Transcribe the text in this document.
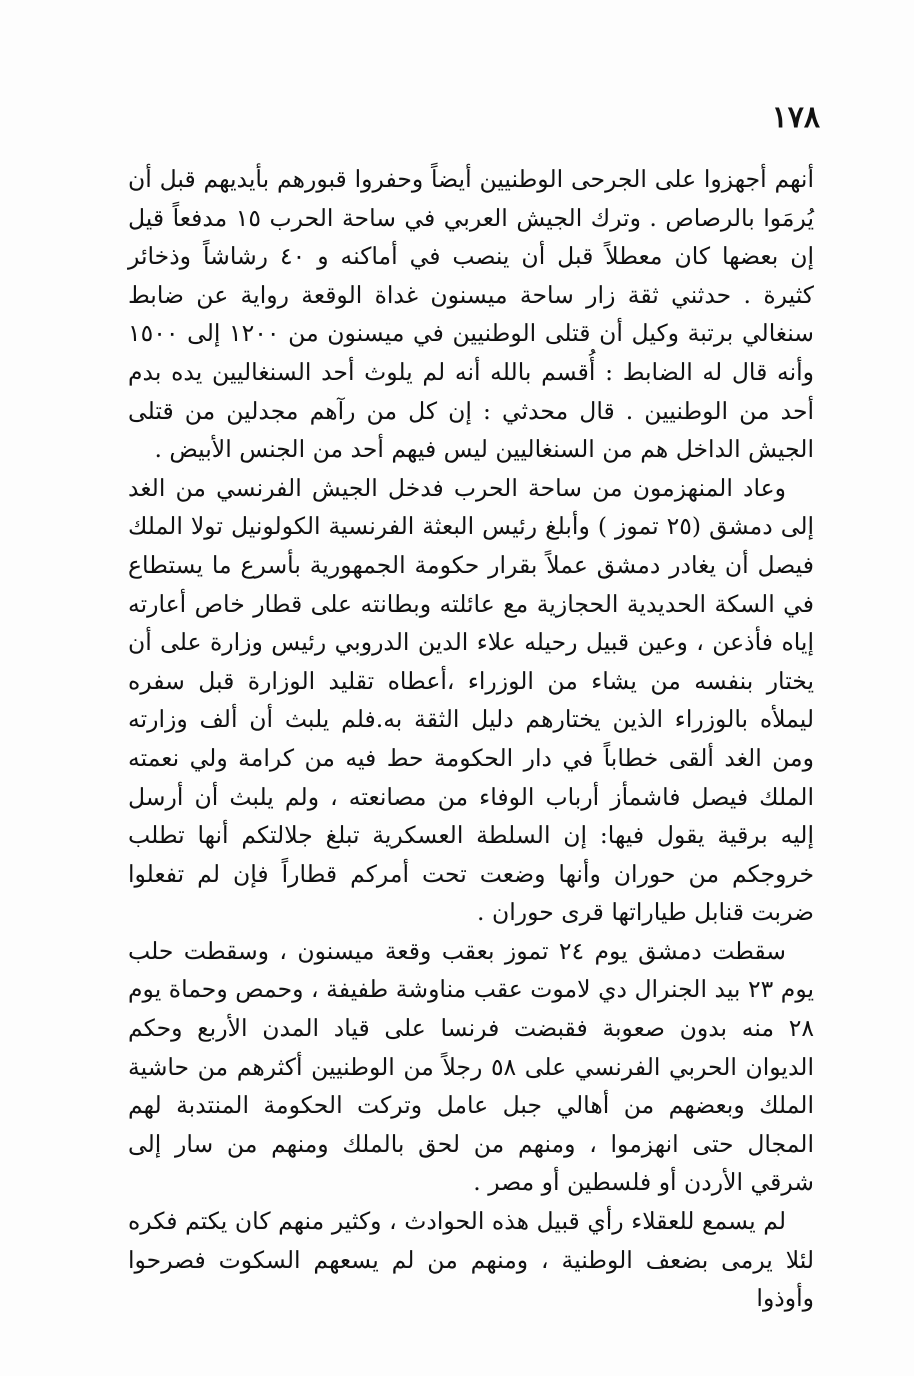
١٧٨

أنهم أجهزوا على الجرحى الوطنيين أيضاً وحفروا قبورهم بأيديهم قبل أن يُرمَوا بالرصاص . وترك الجيش العربي في ساحة الحرب ١٥ مدفعاً قيل إن بعضها كان معطلاً قبل أن ينصب في أماكنه و ٤٠ رشاشاً وذخائر كثيرة . حدثني ثقة زار ساحة ميسنون غداة الوقعة رواية عن ضابط سنغالي برتبة وكيل أن قتلى الوطنيين في ميسنون من ١٢٠٠ إلى ١٥٠٠ وأنه قال له الضابط : أُقسم بالله أنه لم يلوث أحد السنغاليين يده بدم أحد من الوطنيين . قال محدثي : إن كل من رآهم مجدلين من قتلى الجيش الداخل هم من السنغاليين ليس فيهم أحد من الجنس الأبيض .

وعاد المنهزمون من ساحة الحرب فدخل الجيش الفرنسي من الغد إلى دمشق (٢٥ تموز ) وأبلغ رئيس البعثة الفرنسية الكولونيل تولا الملك فيصل أن يغادر دمشق عملاً بقرار حكومة الجمهورية بأسرع ما يستطاع في السكة الحديدية الحجازية مع عائلته وبطانته على قطار خاص أعارته إياه فأذعن ، وعين قبيل رحيله علاء الدين الدروبي رئيس وزارة على أن يختار بنفسه من يشاء من الوزراء ،أعطاه تقليد الوزارة قبل سفره ليملأه بالوزراء الذين يختارهم دليل الثقة به.فلم يلبث أن ألف وزارته ومن الغد ألقى خطاباً في دار الحكومة حط فيه من كرامة ولي نعمته الملك فيصل فاشمأز أرباب الوفاء من مصانعته ، ولم يلبث أن أرسل إليه برقية يقول فيها: إن السلطة العسكرية تبلغ جلالتكم أنها تطلب خروجكم من حوران وأنها وضعت تحت أمركم قطاراً فإن لم تفعلوا ضربت قنابل طياراتها قرى حوران .

سقطت دمشق يوم ٢٤ تموز بعقب وقعة ميسنون ، وسقطت حلب يوم ٢٣ بيد الجنرال دي لاموت عقب مناوشة طفيفة ، وحمص وحماة يوم ٢٨ منه بدون صعوبة فقبضت فرنسا على قياد المدن الأربع وحكم الديوان الحربي الفرنسي على ٥٨ رجلاً من الوطنيين أكثرهم من حاشية الملك وبعضهم من أهالي جبل عامل وتركت الحكومة المنتدبة لهم المجال حتى انهزموا ، ومنهم من لحق بالملك ومنهم من سار إلى شرقي الأردن أو فلسطين أو مصر .

لم يسمع للعقلاء رأي قبيل هذه الحوادث ، وكثير منهم كان يكتم فكره لئلا يرمى بضعف الوطنية ، ومنهم من لم يسعهم السكوت فصرحوا وأوذوا
